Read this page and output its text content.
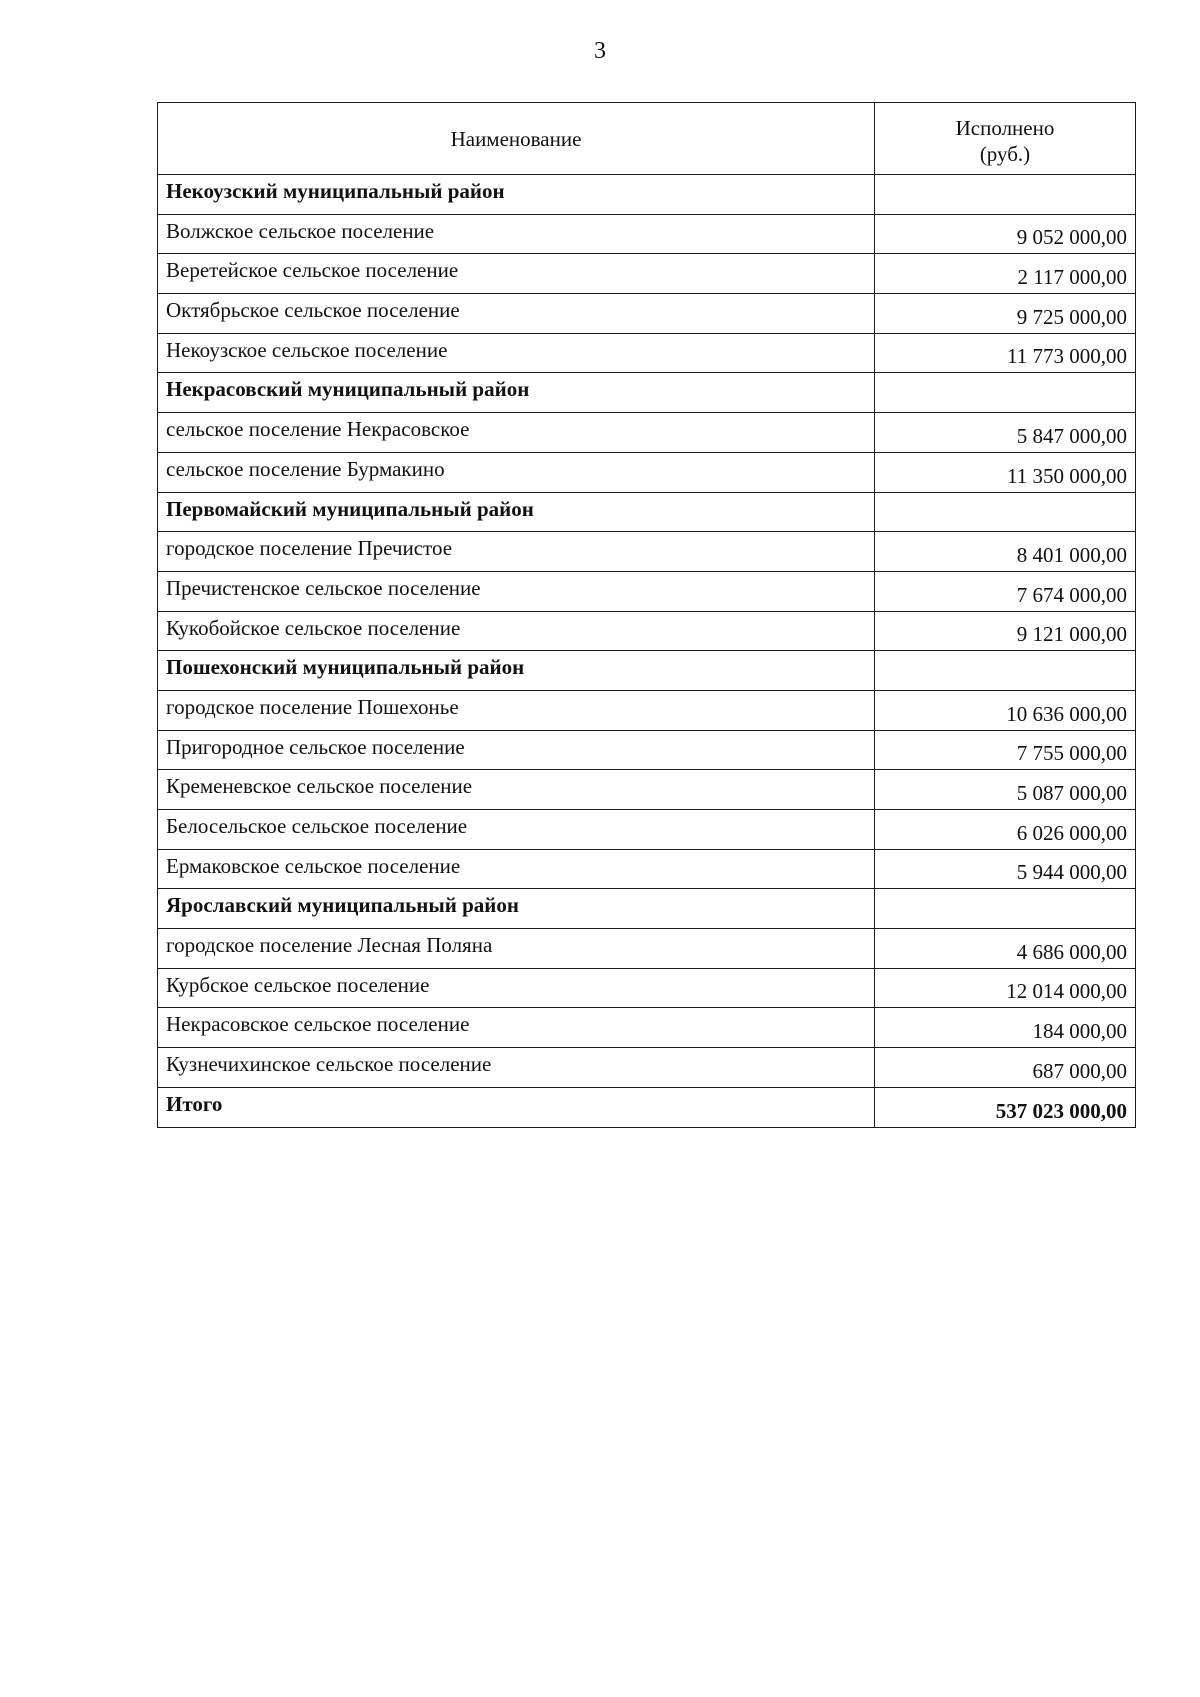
3
Наименование	Исполнено
(руб.)

Некоузский муниципальный район	
Волжское сельское поселение	9 052 000,00
Веретейское сельское поселение	2 117 000,00
Октябрьское сельское поселение	9 725 000,00
Некоузское сельское поселение	11 773 000,00
Некрасовский муниципальный район	
сельское поселение Некрасовское	5 847 000,00
сельское поселение Бурмакино	11 350 000,00
Первомайский муниципальный район	
городское поселение Пречистое	8 401 000,00
Пречистенское сельское поселение	7 674 000,00
Кукобойское сельское поселение	9 121 000,00
Пошехонский муниципальный район	
городское поселение Пошехонье	10 636 000,00
Пригородное сельское поселение	7 755 000,00
Кременевское сельское поселение	5 087 000,00
Белосельское сельское поселение	6 026 000,00
Ермаковское сельское поселение	5 944 000,00
Ярославский муниципальный район	
городское поселение Лесная Поляна	4 686 000,00
Курбское сельское поселение	12 014 000,00
Некрасовское сельское поселение	184 000,00
Кузнечихинское сельское поселение	687 000,00
Итого	537 023 000,00
